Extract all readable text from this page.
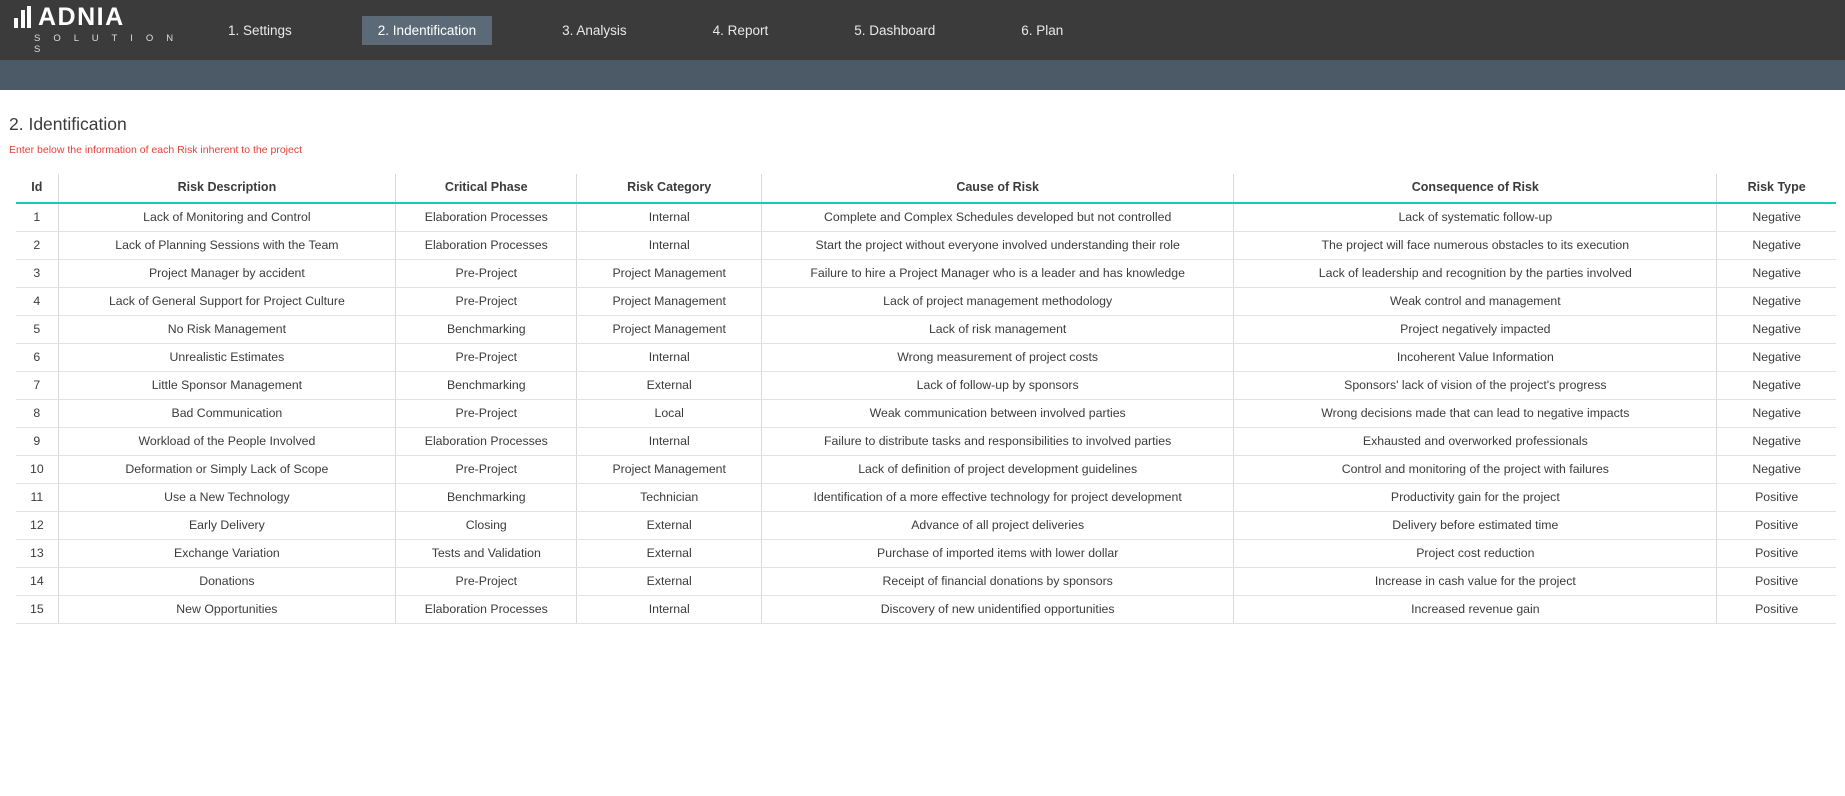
ADNIA
S O L U T I O N S
1. Settings	2. Indentification	3. Analysis	4. Report	5. Dashboard	6. Plan
2. Identification
Enter below the information of each Risk inherent to the project
Id	Risk Description	Critical Phase	Risk Category	Cause of Risk	Consequence of Risk	Risk Type
1	Lack of Monitoring and Control	Elaboration Processes	Internal	Complete and Complex Schedules developed but not controlled	Lack of systematic follow-up	Negative
2	Lack of Planning Sessions with the Team	Elaboration Processes	Internal	Start the project without everyone involved understanding their role	The project will face numerous obstacles to its execution	Negative
3	Project Manager by accident	Pre-Project	Project Management	Failure to hire a Project Manager who is a leader and has knowledge	Lack of leadership and recognition by the parties involved	Negative
4	Lack of General Support for Project Culture	Pre-Project	Project Management	Lack of project management methodology	Weak control and management	Negative
5	No Risk Management	Benchmarking	Project Management	Lack of risk management	Project negatively impacted	Negative
6	Unrealistic Estimates	Pre-Project	Internal	Wrong measurement of project costs	Incoherent Value Information	Negative
7	Little Sponsor Management	Benchmarking	External	Lack of follow-up by sponsors	Sponsors' lack of vision of the project's progress	Negative
8	Bad Communication	Pre-Project	Local	Weak communication between involved parties	Wrong decisions made that can lead to negative impacts	Negative
9	Workload of the People Involved	Elaboration Processes	Internal	Failure to distribute tasks and responsibilities to involved parties	Exhausted and overworked professionals	Negative
10	Deformation or Simply Lack of Scope	Pre-Project	Project Management	Lack of definition of project development guidelines	Control and monitoring of the project with failures	Negative
11	Use a New Technology	Benchmarking	Technician	Identification of a more effective technology for project development	Productivity gain for the project	Positive
12	Early Delivery	Closing	External	Advance of all project deliveries	Delivery before estimated time	Positive
13	Exchange Variation	Tests and Validation	External	Purchase of imported items with lower dollar	Project cost reduction	Positive
14	Donations	Pre-Project	External	Receipt of financial donations by sponsors	Increase in cash value for the project	Positive
15	New Opportunities	Elaboration Processes	Internal	Discovery of new unidentified opportunities	Increased revenue gain	Positive
